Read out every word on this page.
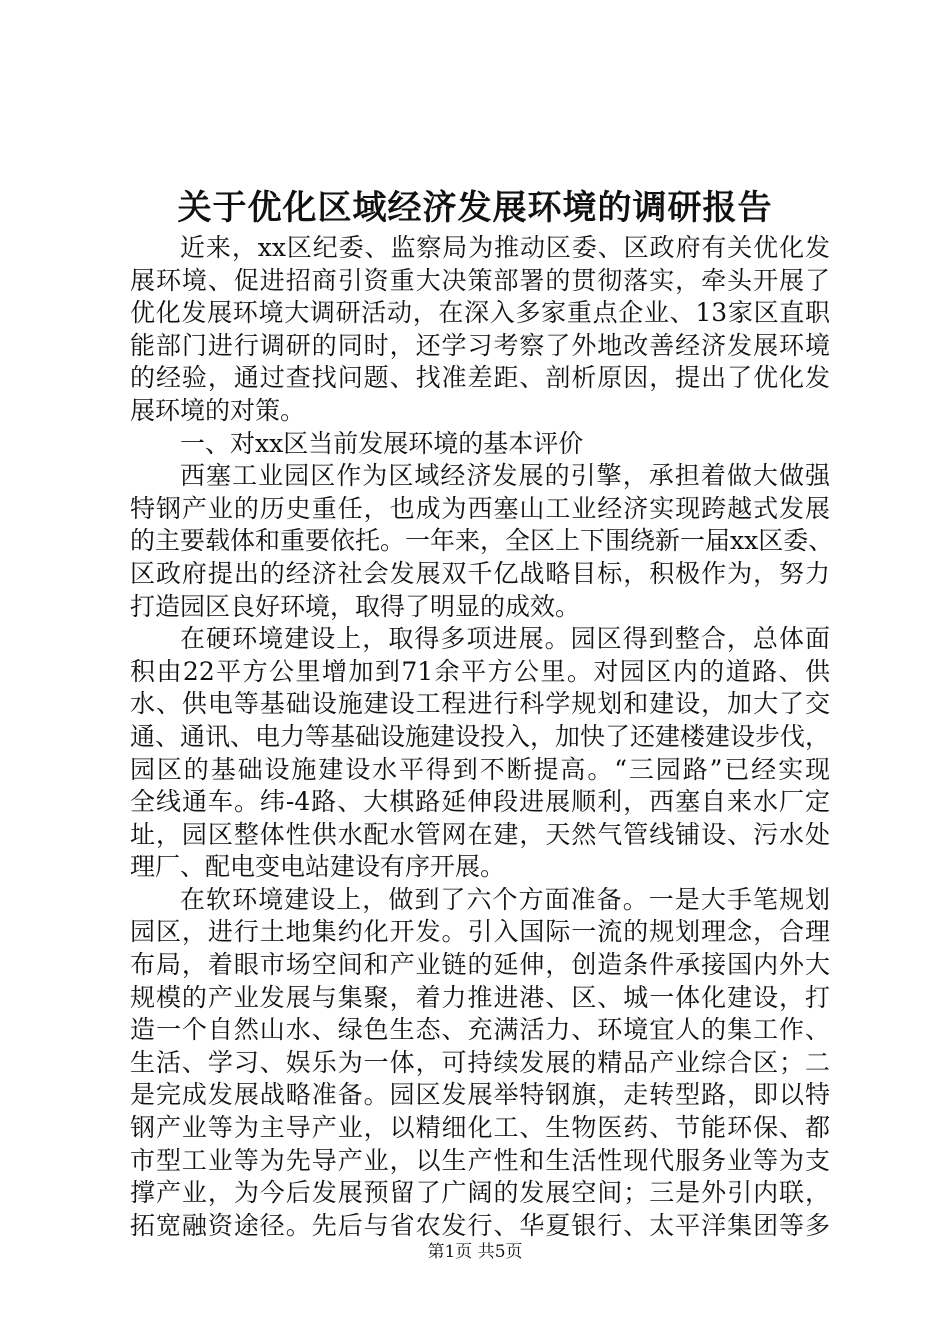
关于优化区域经济发展环境的调研报告
近来，xx区纪委、监察局为推动区委、区政府有关优化发
展环境、促进招商引资重大决策部署的贯彻落实，牵头开展了
优化发展环境大调研活动，在深入多家重点企业、13家区直职
能部门进行调研的同时，还学习考察了外地改善经济发展环境
的经验，通过查找问题、找准差距、剖析原因，提出了优化发
展环境的对策。
一、对xx区当前发展环境的基本评价
西塞工业园区作为区域经济发展的引擎，承担着做大做强
特钢产业的历史重任，也成为西塞山工业经济实现跨越式发展
的主要载体和重要依托。一年来，全区上下围绕新一届xx区委、
区政府提出的经济社会发展双千亿战略目标，积极作为，努力
打造园区良好环境，取得了明显的成效。
在硬环境建设上，取得多项进展。园区得到整合，总体面
积由22平方公里增加到71余平方公里。对园区内的道路、供
水、供电等基础设施建设工程进行科学规划和建设，加大了交
通、通讯、电力等基础设施建设投入，加快了还建楼建设步伐，
园区的基础设施建设水平得到不断提高。“三园路”已经实现
全线通车。纬-4路、大棋路延伸段进展顺利，西塞自来水厂定
址，园区整体性供水配水管网在建，天然气管线铺设、污水处
理厂、配电变电站建设有序开展。
在软环境建设上，做到了六个方面准备。一是大手笔规划
园区，进行土地集约化开发。引入国际一流的规划理念，合理
布局，着眼市场空间和产业链的延伸，创造条件承接国内外大
规模的产业发展与集聚，着力推进港、区、城一体化建设，打
造一个自然山水、绿色生态、充满活力、环境宜人的集工作、
生活、学习、娱乐为一体，可持续发展的精品产业综合区；二
是完成发展战略准备。园区发展举特钢旗，走转型路，即以特
钢产业等为主导产业，以精细化工、生物医药、节能环保、都
市型工业等为先导产业，以生产性和生活性现代服务业等为支
撑产业，为今后发展预留了广阔的发展空间；三是外引内联，
拓宽融资途径。先后与省农发行、华夏银行、太平洋集团等多
第1页 共5页
